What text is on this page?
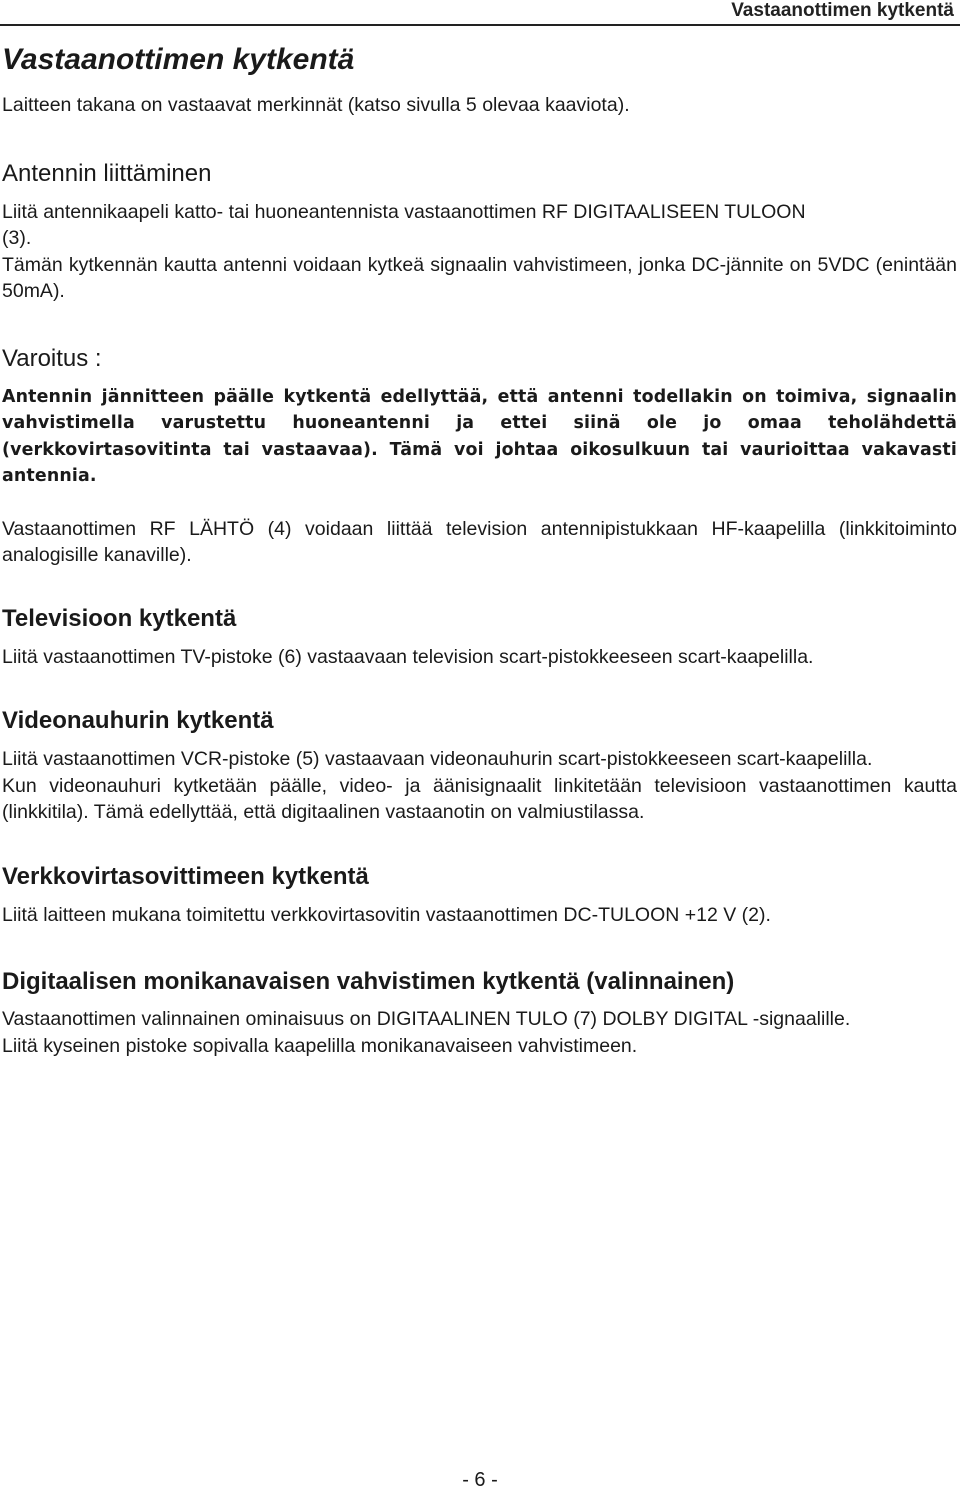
Vastaanottimen kytkentä
Vastaanottimen kytkentä

Laitteen takana on vastaavat merkinnät (katso sivulla 5 olevaa kaaviota).

Antennin liittäminen

Liitä antennikaapeli katto- tai huoneantennista vastaanottimen RF DIGITAALISEEN TULOON

(3).

Tämän kytkennän kautta antenni voidaan kytkeä signaalin vahvistimeen, jonka DC-jännite on 5VDC (enintään 50mA).

Varoitus :

Antennin jännitteen päälle kytkentä edellyttää, että antenni todellakin on toimiva, signaalin vahvistimella varustettu huoneantenni ja ettei siinä ole jo omaa teholähdettä (verkkovirtasovitinta tai vastaavaa). Tämä voi johtaa oikosulkuun tai vaurioittaa vakavasti antennia.

Vastaanottimen RF LÄHTÖ (4) voidaan liittää television antennipistukkaan HF-kaapelilla (linkkitoiminto analogisille kanaville).

Televisioon kytkentä

Liitä vastaanottimen TV-pistoke (6) vastaavaan television scart-pistokkeeseen scart-kaapelilla.

Videonauhurin kytkentä

Liitä vastaanottimen VCR-pistoke (5) vastaavaan videonauhurin scart-pistokkeeseen scart-kaapelilla.

Kun videonauhuri kytketään päälle, video- ja äänisignaalit linkitetään televisioon vastaanottimen kautta (linkkitila). Tämä edellyttää, että digitaalinen vastaanotin on valmiustilassa.

Verkkovirtasovittimeen kytkentä

Liitä laitteen mukana toimitettu verkkovirtasovitin vastaanottimen DC-TULOON +12 V (2).

Digitaalisen monikanavaisen vahvistimen kytkentä (valinnainen)

Vastaanottimen valinnainen ominaisuus on DIGITAALINEN TULO (7) DOLBY DIGITAL -signaalille.

Liitä kyseinen pistoke sopivalla kaapelilla monikanavaiseen vahvistimeen.

- 6 -
